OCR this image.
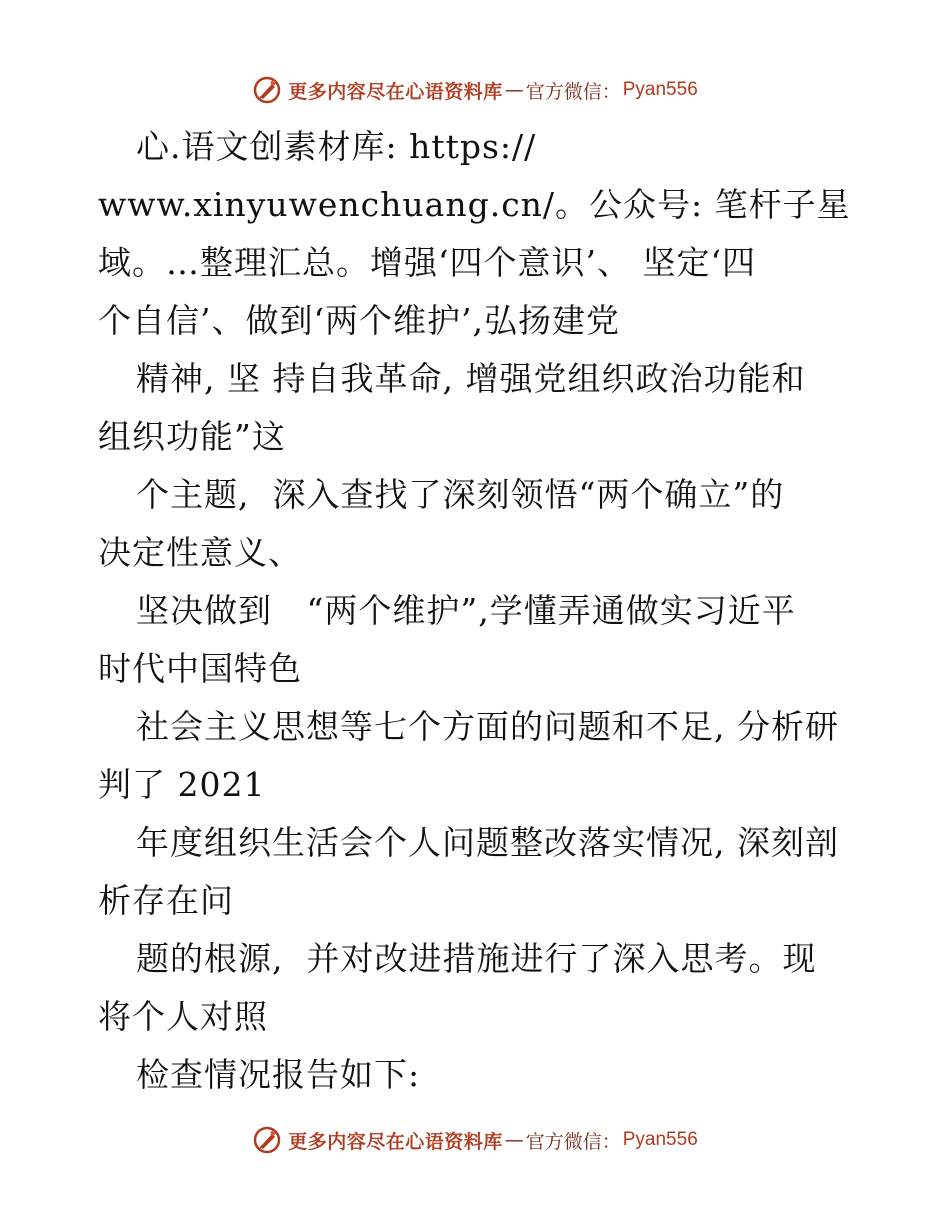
更多内容尽在心语资料库 — 官方微信： Pyan556
心.语文创素材库: https://
www.xinyuwenchuang.cn/。公众号: 笔杆子星
域。…整理汇总。增强‘四个意识’、 坚定‘四
个自信’、做到‘两个维护’,弘扬建党
精神, 坚 持自我革命, 增强党组织政治功能和
组织功能”这
个主题,  深入查找了深刻领悟“两个确立”的
决定性意义、
坚决做到   “两个维护”,学懂弄通做实习近平
时代中国特色
社会主义思想等七个方面的问题和不足, 分析研
判了 2021
年度组织生活会个人问题整改落实情况, 深刻剖
析存在问
题的根源,  并对改进措施进行了深入思考。现
将个人对照
检查情况报告如下:
更多内容尽在心语资料库 — 官方微信： Pyan556
